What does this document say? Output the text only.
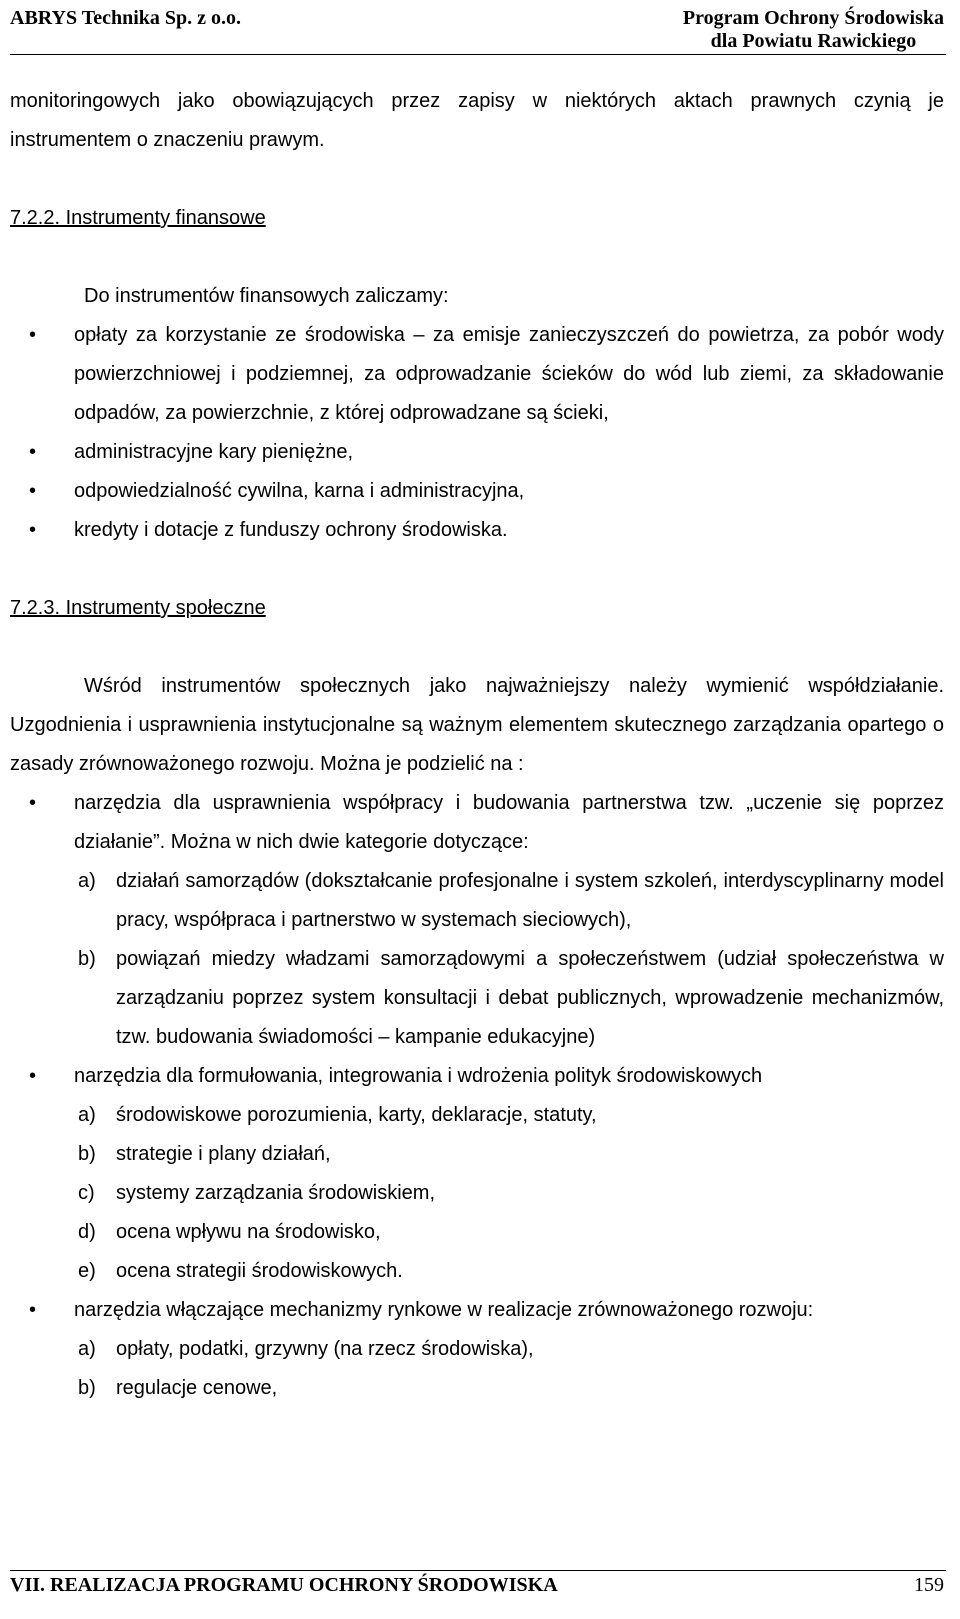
ABRYS Technika Sp. z o.o.	Program Ochrony Środowiska
dla Powiatu Rawickiego

monitoringowych jako obowiązujących przez zapisy w niektórych aktach prawnych czynią je instrumentem o znaczeniu prawym.

7.2.2. Instrumenty finansowe

Do instrumentów finansowych zaliczamy:

• opłaty za korzystanie ze środowiska – za emisje zanieczyszczeń do powietrza, za pobór wody powierzchniowej i podziemnej, za odprowadzanie ścieków do wód lub ziemi, za składowanie odpadów, za powierzchnie, z której odprowadzane są ścieki,

• administracyjne kary pieniężne,

• odpowiedzialność cywilna, karna i administracyjna,

• kredyty i dotacje z funduszy ochrony środowiska.

7.2.3. Instrumenty społeczne

Wśród instrumentów społecznych jako najważniejszy należy wymienić współdziałanie. Uzgodnienia i usprawnienia instytucjonalne są ważnym elementem skutecznego zarządzania opartego o zasady zrównoważonego rozwoju. Można je podzielić na :

• narzędzia dla usprawnienia współpracy i budowania partnerstwa tzw. „uczenie się poprzez działanie”. Można w nich dwie kategorie dotyczące:

a) działań samorządów (dokształcanie profesjonalne i system szkoleń, interdyscyplinarny model pracy, współpraca i partnerstwo w systemach sieciowych),
b) powiązań miedzy władzami samorządowymi a społeczeństwem (udział społeczeństwa w zarządzaniu poprzez system konsultacji i debat publicznych, wprowadzenie mechanizmów, tzw. budowania świadomości – kampanie edukacyjne)

• narzędzia dla formułowania, integrowania i wdrożenia polityk środowiskowych

a) środowiskowe porozumienia, karty, deklaracje, statuty,
b) strategie i plany działań,
c) systemy zarządzania środowiskiem,
d) ocena wpływu na środowisko,
e) ocena strategii środowiskowych.

• narzędzia włączające mechanizmy rynkowe w realizacje zrównoważonego rozwoju:

a) opłaty, podatki, grzywny (na rzecz środowiska),
b) regulacje cenowe,
VII. REALIZACJA PROGRAMU OCHRONY ŚRODOWISKA	159
